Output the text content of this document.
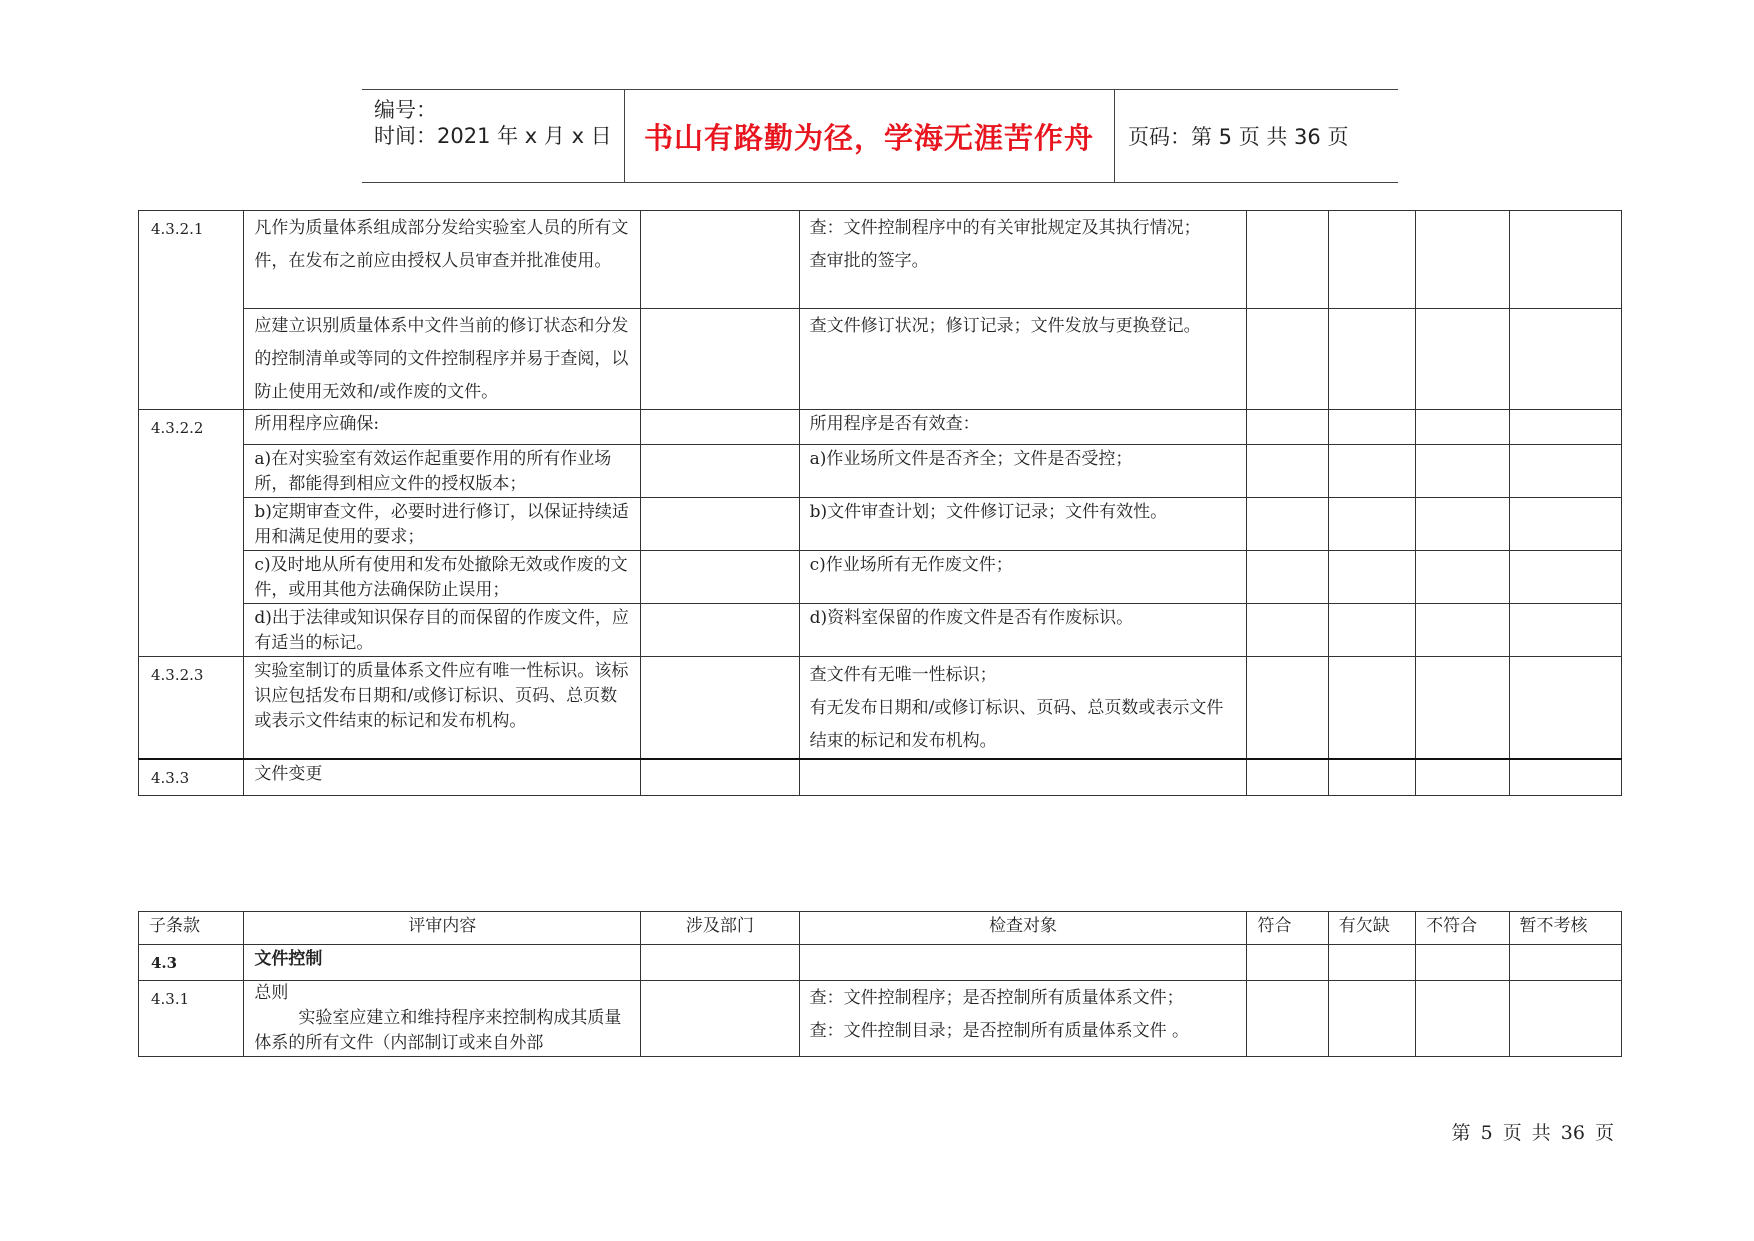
编号：
时间：2021 年 x 月 x 日 书山有路勤为径，学海无涯苦作舟	页码：第 5 页 共 36 页
4.3.2.1	凡作为质量体系组成部分发给实验室人员的所有文件，在发布之前应由授权人员审查并批准使用。		查：文件控制程序中的有关审批规定及其执行情况；
查审批的签字。				

	应建立识别质量体系中文件当前的修订状态和分发的控制清单或等同的文件控制程序并易于查阅，以防止使用无效和/或作废的文件。		查文件修订状况；修订记录；文件发放与更换登记。				

4.3.2.2	所用程序应确保:		所用程序是否有效查：				

	a)在对实验室有效运作起重要作用的所有作业场所，都能得到相应文件的授权版本；		a)作业场所文件是否齐全；文件是否受控；				

	b)定期审查文件，必要时进行修订，以保证持续适用和满足使用的要求；		b)文件审查计划；文件修订记录；文件有效性。				

	c)及时地从所有使用和发布处撤除无效或作废的文件，或用其他方法确保防止误用；		c)作业场所有无作废文件；				

	d)出于法律或知识保存目的而保留的作废文件，应有适当的标记。		d)资料室保留的作废文件是否有作废标识。				

4.3.2.3	实验室制订的质量体系文件应有唯一性标识。该标识应包括发布日期和/或修订标识、页码、总页数或表示文件结束的标记和发布机构。		查文件有无唯一性标识；
有无发布日期和/或修订标识、页码、总页数或表示文件结束的标记和发布机构。				

4.3.3	文件变更						
子条款	评审内容	涉及部门	检查对象	符合	有欠缺	不符合	暂不考核
4.3	文件控制						
4.3.1	总则
实验室应建立和维持程序来控制构成其质量体系的所有文件（内部制订或来自外部		查：文件控制程序；是否控制所有质量体系文件；
查：文件控制目录；是否控制所有质量体系文件 。				

第 5 页 共 36 页
